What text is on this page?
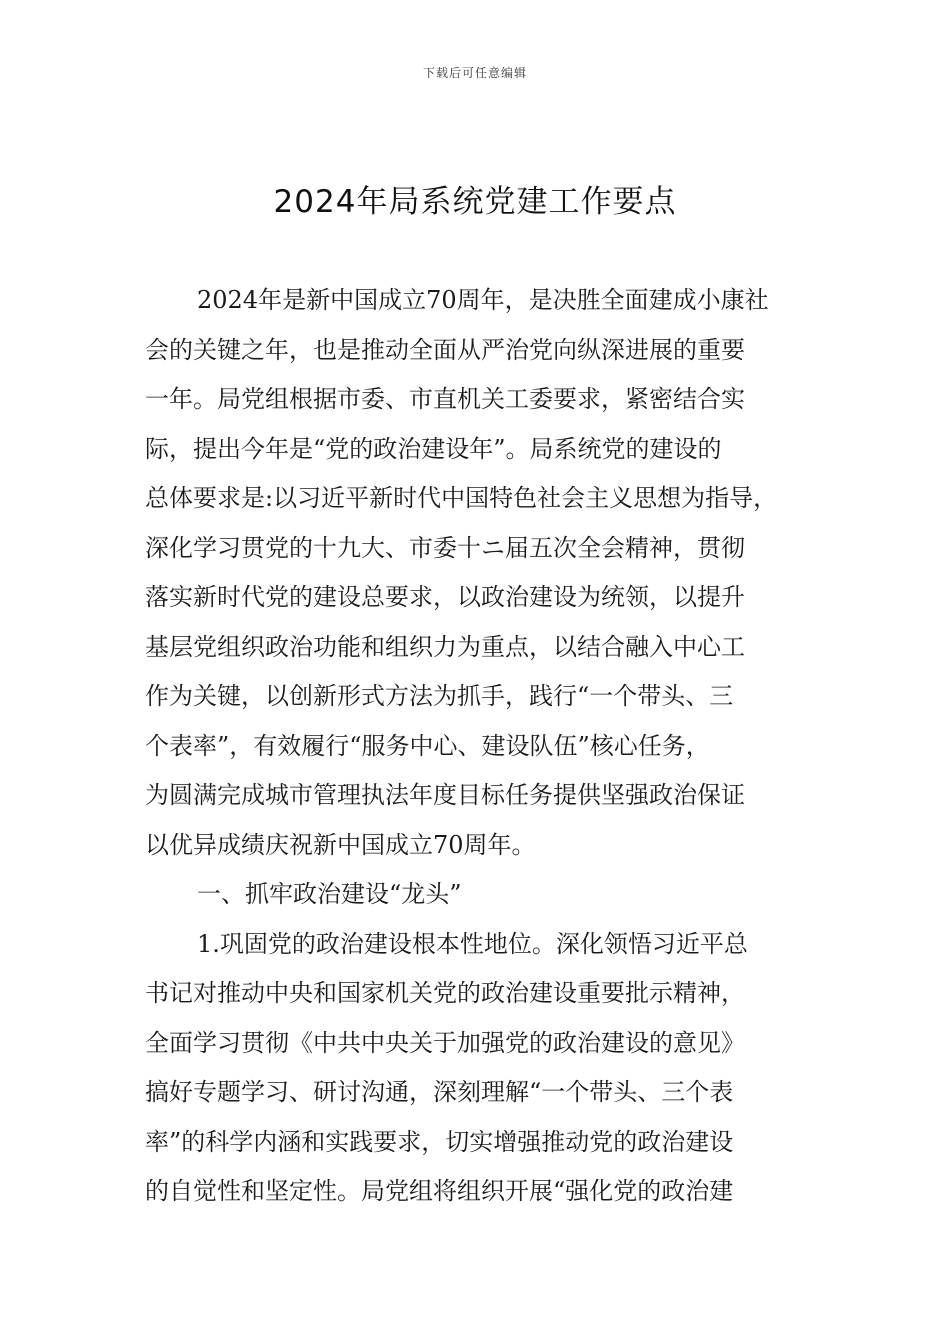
下载后可任意编辑
2024年局系统党建工作要点
2024年是新中国成立70周年，是决胜全面建成小康社
会的关键之年，也是推动全面从严治党向纵深进展的重要
一年。局党组根据市委、市直机关工委要求，紧密结合实
际，提出今年是“党的政治建设年”。局系统党的建设的
总体要求是:以习近平新时代中国特色社会主义思想为指导，
深化学习贯党的十九大、市委十ニ届五次全会精神，贯彻
落实新时代党的建设总要求，以政治建设为统领，以提升
基层党组织政治功能和组织力为重点，以结合融入中心工
作为关键，以创新形式方法为抓手，践行“一个带头、三
个表率”，有效履行“服务中心、建设队伍”核心任务，
为圆满完成城市管理执法年度目标任务提供坚强政治保证
以优异成绩庆祝新中国成立70周年。
一、抓牢政治建设“龙头”
1.巩固党的政治建设根本性地位。深化领悟习近平总
书记对推动中央和国家机关党的政治建设重要批示精神，
全面学习贯彻《中共中央关于加强党的政治建设的意见》
搞好专题学习、研讨沟通，深刻理解“一个带头、三个表
率”的科学内涵和实践要求，切实增强推动党的政治建设
的自觉性和坚定性。局党组将组织开展“强化党的政治建
